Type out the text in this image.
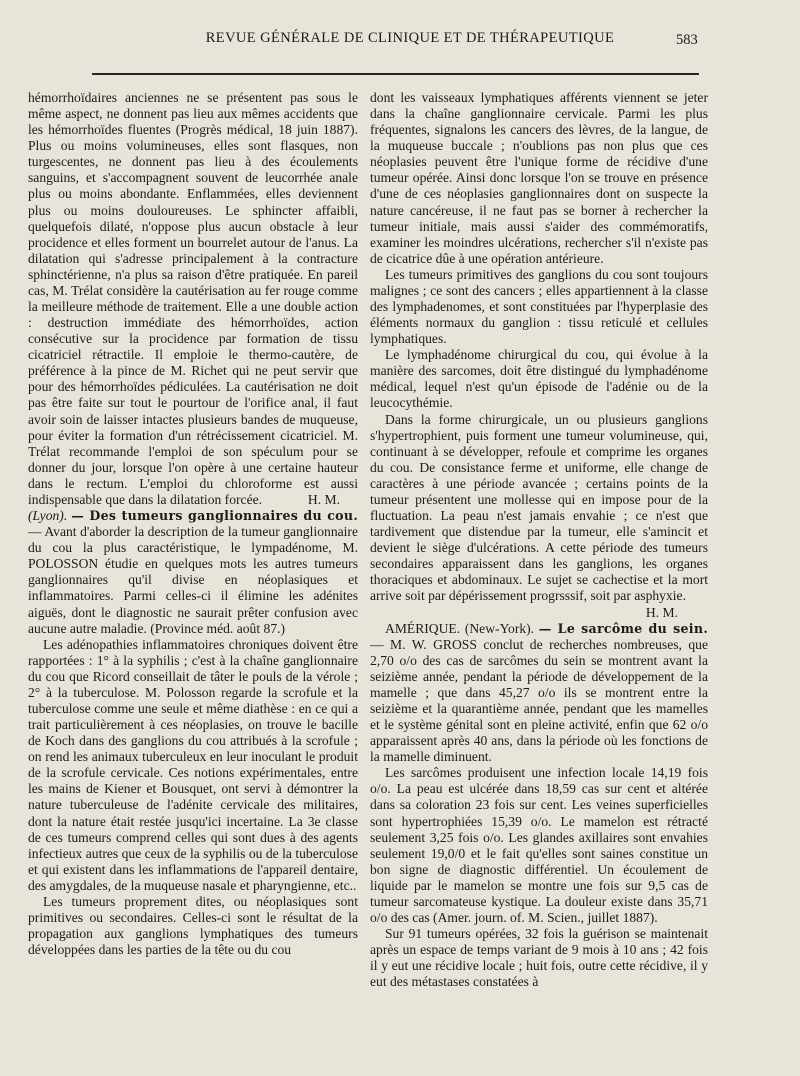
REVUE GÉNÉRALE DE CLINIQUE ET DE THÉRAPEUTIQUE	583

hémorrhoïdaires anciennes ne se présentent pas sous le même aspect, ne donnent pas lieu aux mêmes accidents que les hémorrhoïdes fluentes (Progrès médical, 18 juin 1887). Plus ou moins volumineuses, elles sont flasques, non turgescentes, ne donnent pas lieu à des écoulements sanguins, et s'accompagnent souvent de leucorrhée anale plus ou moins abondante. Enflammées, elles deviennent plus ou moins douloureuses. Le sphincter affaibli, quelquefois dilaté, n'oppose plus aucun obstacle à leur procidence et elles forment un bourrelet autour de l'anus. La dilatation qui s'adresse principalement à la contracture sphinctérienne, n'a plus sa raison d'être pratiquée. En pareil cas, M. Trélat considère la cautérisation au fer rouge comme la meilleure méthode de traitement. Elle a une double action : destruction immédiate des hémorrhoïdes, action consécutive sur la procidence par formation de tissu cicatriciel rétractile. Il emploie le thermo-cautère, de préférence à la pince de M. Richet qui ne peut servir que pour des hémorrhoïdes pédiculées. La cautérisation ne doit pas être faite sur tout le pourtour de l'orifice anal, il faut avoir soin de laisser intactes plusieurs bandes de muqueuse, pour éviter la formation d'un rétrécissement cicatriciel. M. Trélat recommande l'emploi de son spéculum pour se donner du jour, lorsque l'on opère à une certaine hauteur dans le rectum. L'emploi du chloroforme est aussi indispensable que dans la dilatation forcée.	H. M.

(Lyon). — Des tumeurs ganglionnaires du cou. — Avant d'aborder la description de la tumeur ganglionnaire du cou la plus caractéristique, le lympadénome, M. POLOSSON étudie en quelques mots les autres tumeurs ganglionnaires qu'il divise en néoplasiques et inflammatoires. Parmi celles-ci il élimine les adénites aiguës, dont le diagnostic ne saurait prêter confusion avec aucune autre maladie. (Province méd. août 87.)

Les adénopathies inflammatoires chroniques doivent être rapportées : 1° à la syphilis ; c'est à la chaîne ganglionnaire du cou que Ricord conseillait de tâter le pouls de la vérole ; 2° à la tuberculose. M. Polosson regarde la scrofule et la tuberculose comme une seule et même diathèse : en ce qui a trait particulièrement à ces néoplasies, on trouve le bacille de Koch dans des ganglions du cou attribués à la scrofule ; on rend les animaux tuberculeux en leur inoculant le produit de la scrofule cervicale. Ces notions expérimentales, entre les mains de Kiener et Bousquet, ont servi à démontrer la nature tuberculeuse de l'adénite cervicale des militaires, dont la nature était restée jusqu'ici incertaine. La 3e classe de ces tumeurs comprend celles qui sont dues à des agents infectieux autres que ceux de la syphilis ou de la tuberculose et qui existent dans les inflammations de l'appareil dentaire, des amygdales, de la muqueuse nasale et pharyngienne, etc..

Les tumeurs proprement dites, ou néoplasiques sont primitives ou secondaires. Celles-ci sont le résultat de la propagation aux ganglions lymphatiques des tumeurs développées dans les parties de la tête ou du cou

dont les vaisseaux lymphatiques afférents viennent se jeter dans la chaîne ganglionnaire cervicale. Parmi les plus fréquentes, signalons les cancers des lèvres, de la langue, de la muqueuse buccale ; n'oublions pas non plus que ces néoplasies peuvent être l'unique forme de récidive d'une tumeur opérée. Ainsi donc lorsque l'on se trouve en présence d'une de ces néoplasies ganglionnaires dont on suspecte la nature cancéreuse, il ne faut pas se borner à rechercher la tumeur initiale, mais aussi s'aider des commémoratifs, examiner les moindres ulcérations, rechercher s'il n'existe pas de cicatrice dûe à une opération antérieure.

Les tumeurs primitives des ganglions du cou sont toujours malignes ; ce sont des cancers ; elles appartiennent à la classe des lymphadenomes, et sont constituées par l'hyperplasie des éléments normaux du ganglion : tissu reticulé et cellules lymphatiques.

Le lymphadénome chirurgical du cou, qui évolue à la manière des sarcomes, doit être distingué du lymphadénome médical, lequel n'est qu'un épisode de l'adénie ou de la leucocythémie.

Dans la forme chirurgicale, un ou plusieurs ganglions s'hypertrophient, puis forment une tumeur volumineuse, qui, continuant à se développer, refoule et comprime les organes du cou. De consistance ferme et uniforme, elle change de caractères à une période avancée ; certains points de la tumeur présentent une mollesse qui en impose pour de la fluctuation. La peau n'est jamais envahie ; ce n'est que tardivement que distendue par la tumeur, elle s'amincit et devient le siège d'ulcérations. A cette période des tumeurs secondaires apparaissent dans les ganglions, les organes thoraciques et abdominaux. Le sujet se cachectise et la mort arrive soit par dépérissement progrsssif, soit par asphyxie.
H. M.

AMÉRIQUE. (New-York). — Le sarcôme du sein. — M. W. GROSS conclut de recherches nombreuses, que 2,70 o/o des cas de sarcômes du sein se montrent avant la seizième année, pendant la période de développement de la mamelle ; que dans 45,27 o/o ils se montrent entre la seizième et la quarantième année, pendant que les mamelles et le système génital sont en pleine activité, enfin que 62 o/o apparaissent après 40 ans, dans la période où les fonctions de la mamelle diminuent.

Les sarcômes produisent une infection locale 14,19 fois o/o. La peau est ulcérée dans 18,59 cas sur cent et altérée dans sa coloration 23 fois sur cent. Les veines superficielles sont hypertrophiées 15,39 o/o. Le mamelon est rétracté seulement 3,25 fois o/o. Les glandes axillaires sont envahies seulement 19,0/0 et le fait qu'elles sont saines constitue un bon signe de diagnostic différentiel. Un écoulement de liquide par le mamelon se montre une fois sur 9,5 cas de tumeur sarcomateuse kystique. La douleur existe dans 35,71 o/o des cas (Amer. journ. of. M. Scien., juillet 1887).

Sur 91 tumeurs opérées, 32 fois la guérison se maintenait après un espace de temps variant de 9 mois à 10 ans ; 42 fois il y eut une récidive locale ; huit fois, outre cette récidive, il y eut des métastases constatées à
